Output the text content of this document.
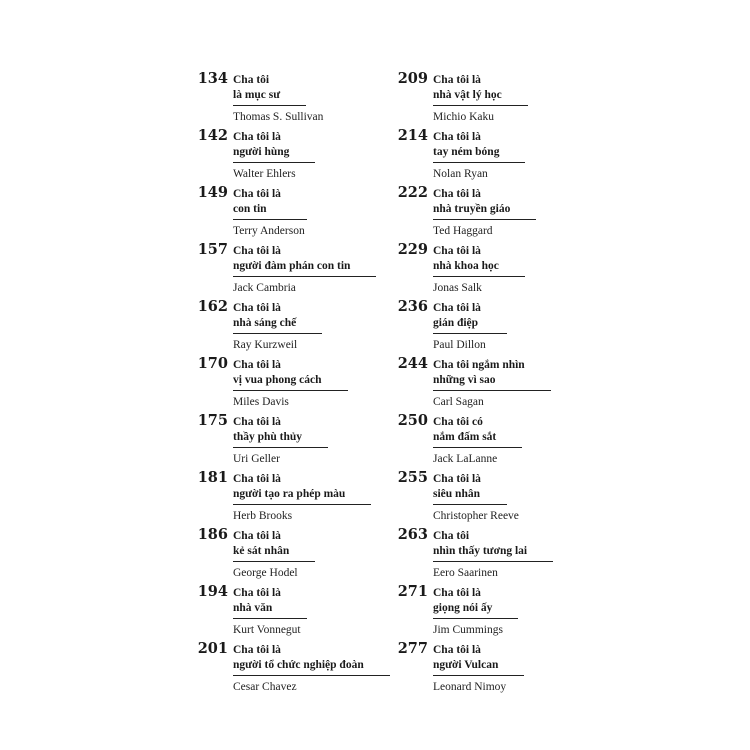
134 Cha tôi
là mục sư
Thomas S. Sullivan
142 Cha tôi là
người hùng
Walter Ehlers
149 Cha tôi là
con tin
Terry Anderson
157 Cha tôi là
người đàm phán con tin
Jack Cambria
162 Cha tôi là
nhà sáng chế
Ray Kurzweil
170 Cha tôi là
vị vua phong cách
Miles Davis
175 Cha tôi là
thầy phù thủy
Uri Geller
181 Cha tôi là
người tạo ra phép màu
Herb Brooks
186 Cha tôi là
kẻ sát nhân
George Hodel
194 Cha tôi là
nhà văn
Kurt Vonnegut
201 Cha tôi là
người tổ chức nghiệp đoàn
Cesar Chavez
209 Cha tôi là
nhà vật lý học
Michio Kaku
214 Cha tôi là
tay ném bóng
Nolan Ryan
222 Cha tôi là
nhà truyền giáo
Ted Haggard
229 Cha tôi là
nhà khoa học
Jonas Salk
236 Cha tôi là
gián điệp
Paul Dillon
244 Cha tôi ngắm nhìn
những vì sao
Carl Sagan
250 Cha tôi có
nắm đấm sắt
Jack LaLanne
255 Cha tôi là
siêu nhân
Christopher Reeve
263 Cha tôi
nhìn thấy tương lai
Eero Saarinen
271 Cha tôi là
giọng nói ấy
Jim Cummings
277 Cha tôi là
người Vulcan
Leonard Nimoy
